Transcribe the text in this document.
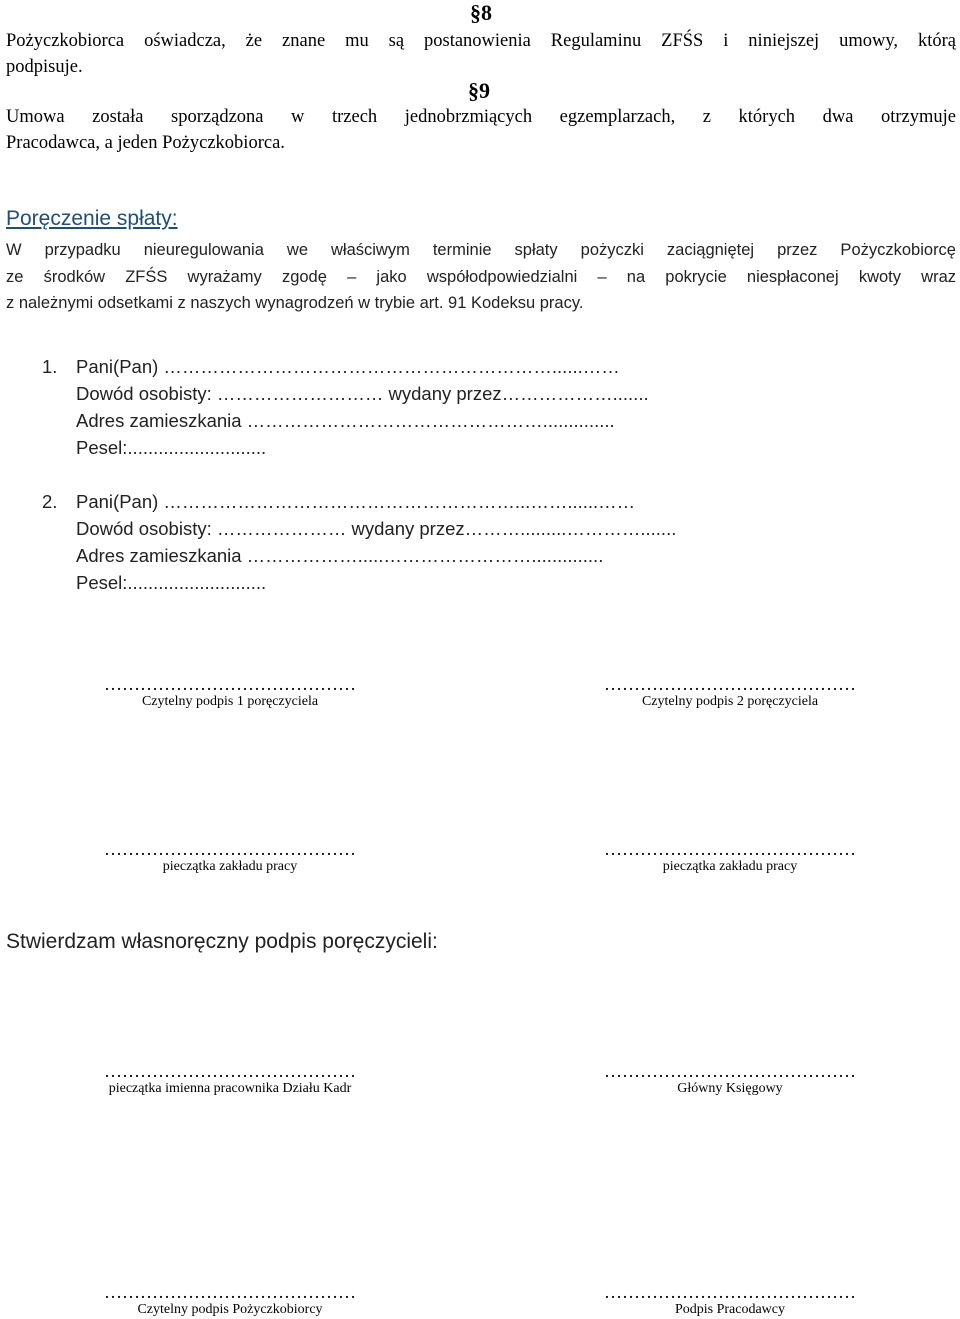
§8
Pożyczkobiorca oświadcza, że znane mu są postanowienia Regulaminu ZFŚS i niniejszej umowy, którą
podpisuje.
§9
Umowa została sporządzona w trzech jednobrzmiących egzemplarzach, z których dwa otrzymuje
Pracodawca, a jeden Pożyczkobiorca.
Poręczenie spłaty:
W przypadku nieuregulowania we właściwym terminie spłaty pożyczki zaciągniętej przez Pożyczkobiorcę
ze środków ZFŚS wyrażamy zgodę – jako współodpowiedzialni – na pokrycie niespłaconej kwoty wraz
z należnymi odsetkami z naszych wynagrodzeń w trybie art. 91 Kodeksu pracy.
1.	Pani(Pan) ………………………………………………………......……
Dowód osobisty: ……………………… wydany przez……………….......
Adres zamieszkania …………………………………………..............
Pesel:...........................
2.	Pani(Pan) …………………………………………………...……......……
Dowód osobisty: ………………… wydany przez……….........………….......
Adres zamieszkania ……………….....……………………..............
Pesel:...........................
……………………………………
Czytelny podpis 1 poręczyciela
……………………………………
Czytelny podpis 2 poręczyciela
……………………………………
pieczątka zakładu pracy
……………………………………
pieczątka zakładu pracy
Stwierdzam własnoręczny podpis poręczycieli:
……………………………………
pieczątka imienna pracownika Działu Kadr
……………………………………
Główny Księgowy
……………………………………
Czytelny podpis Pożyczkobiorcy
……………………………………
Podpis Pracodawcy
